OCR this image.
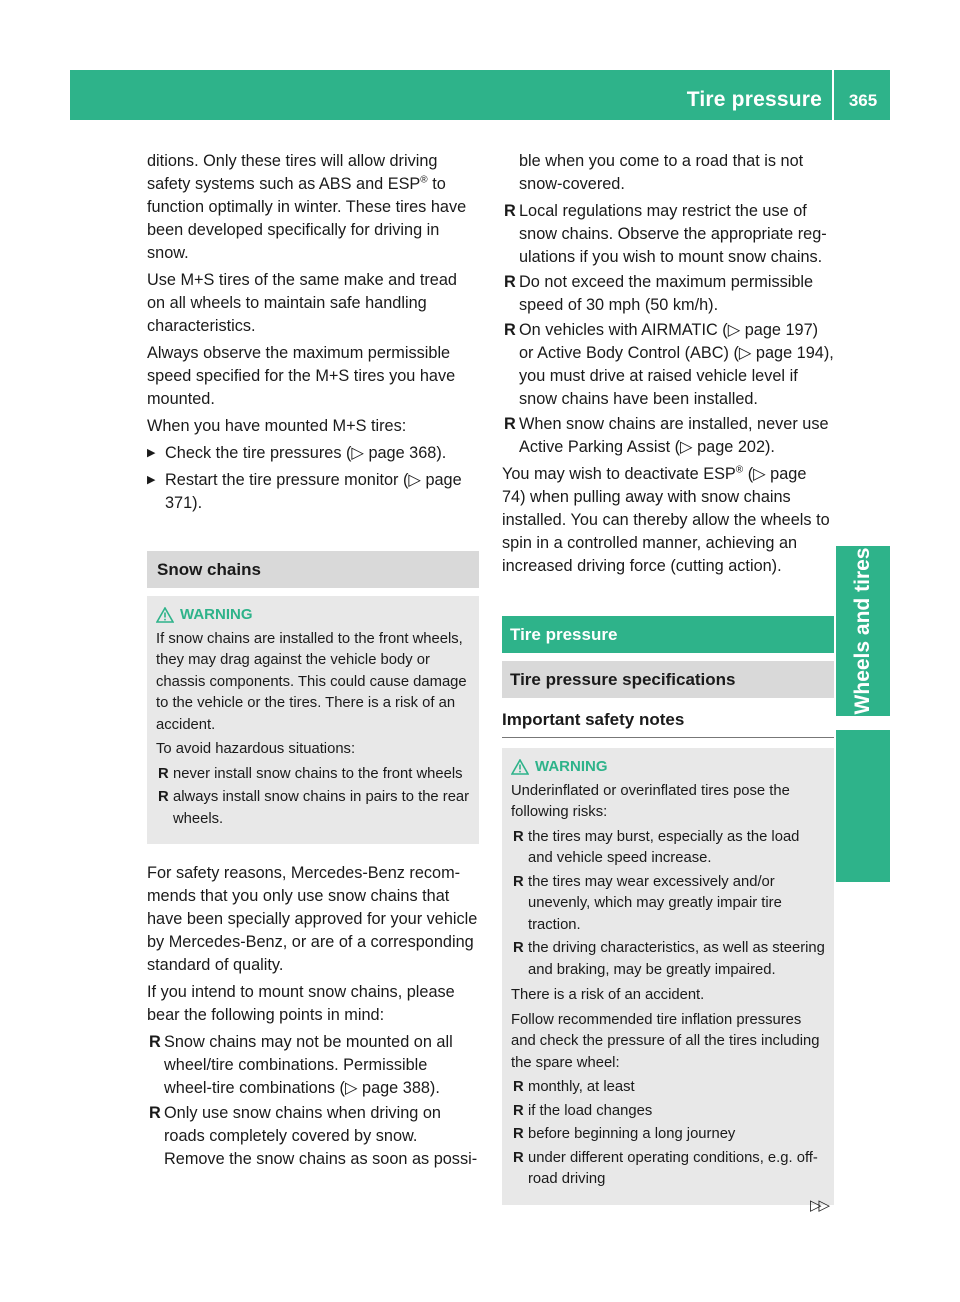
Tire pressure	365
Wheels and tires

ditions. Only these tires will allow driving safety systems such as ABS and ESP® to function optimally in winter. These tires have been developed specifically for driving in snow.

Use M+S tires of the same make and tread on all wheels to maintain safe handling characteristics.

Always observe the maximum permissible speed specified for the M+S tires you have mounted.

When you have mounted M+S tires:

▶ Check the tire pressures (▷ page 368).
▶ Restart the tire pressure monitor (▷ page 371).
Snow chains
WARNING

If snow chains are installed to the front wheels, they may drag against the vehicle body or chassis components. This could cause damage to the vehicle or the tires. There is a risk of an accident.

To avoid hazardous situations:

R never install snow chains to the front wheels
R always install snow chains in pairs to the rear wheels.

For safety reasons, Mercedes-Benz recommends that you only use snow chains that have been specially approved for your vehicle by Mercedes-Benz, or are of a corresponding standard of quality.

If you intend to mount snow chains, please bear the following points in mind:

R Snow chains may not be mounted on all wheel/tire combinations. Permissible wheel-tire combinations (▷ page 388).
R Only use snow chains when driving on roads completely covered by snow. Remove the snow chains as soon as possi-

ble when you come to a road that is not snow-covered.

R Local regulations may restrict the use of snow chains. Observe the appropriate regulations if you wish to mount snow chains.
R Do not exceed the maximum permissible speed of 30 mph (50 km/h).
R On vehicles with AIRMATIC (▷ page 197) or Active Body Control (ABC) (▷ page 194), you must drive at raised vehicle level if snow chains have been installed.
R When snow chains are installed, never use Active Parking Assist (▷ page 202).

You may wish to deactivate ESP® (▷ page 74) when pulling away with snow chains installed. You can thereby allow the wheels to spin in a controlled manner, achieving an increased driving force (cutting action).

Tire pressure
Tire pressure specifications
Important safety notes
WARNING

Underinflated or overinflated tires pose the following risks:

R the tires may burst, especially as the load and vehicle speed increase.
R the tires may wear excessively and/or unevenly, which may greatly impair tire traction.
R the driving characteristics, as well as steering and braking, may be greatly impaired.

There is a risk of an accident.

Follow recommended tire inflation pressures and check the pressure of all the tires including the spare wheel:

R monthly, at least
R if the load changes
R before beginning a long journey
R under different operating conditions, e.g. off-road driving
▷▷
